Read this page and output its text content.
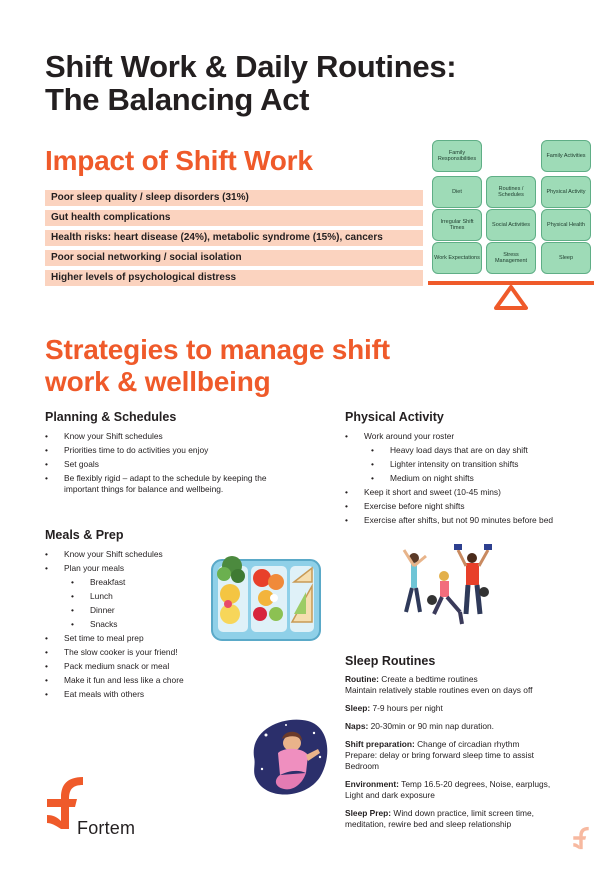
Shift Work & Daily Routines:
The Balancing Act
Impact of Shift Work
Poor sleep quality / sleep disorders (31%)
Gut health complications
Health risks: heart disease (24%), metabolic syndrome (15%), cancers
Poor social networking / social isolation
Higher levels of psychological distress
Family Responsibilities
Diet
Irregular Shift Times
Work Expectations
Routines / Schedules
Social Activities
Stress Management
Family Activities
Physical Activity
Physical Health
Sleep
Strategies to manage shift
work & wellbeing
Planning & Schedules
• Know your Shift schedules
• Priorities time to do activities you enjoy
• Set goals
• Be flexibly rigid – adapt to the schedule by keeping the important things for balance and wellbeing.
Meals & Prep
• Know your Shift schedules
• Plan your meals
• Breakfast
• Lunch
• Dinner
• Snacks
• Set time to meal prep
• The slow cooker is your friend!
• Pack medium snack or meal
• Make it fun and less like a chore
• Eat meals with others
Physical Activity
• Work around your roster
• Heavy load days that are on day shift
• Lighter intensity on transition shifts
• Medium on night shifts
• Keep it short and sweet (10-45 mins)
• Exercise before night shifts
• Exercise after shifts, but not 90 minutes before bed
Sleep Routines

Routine: Create a bedtime routines
Maintain relatively stable routines even on days off

Sleep: 7-9 hours per night

Naps: 20-30min or 90 min nap duration.

Shift preparation: Change of circadian rhythm
Prepare: delay or bring forward sleep time to assist Bedroom

Environment: Temp 16.5-20 degrees, Noise, earplugs, Light and dark exposure

Sleep Prep: Wind down practice, limit screen time, meditation, rewire bed and sleep relationship

Fortem
